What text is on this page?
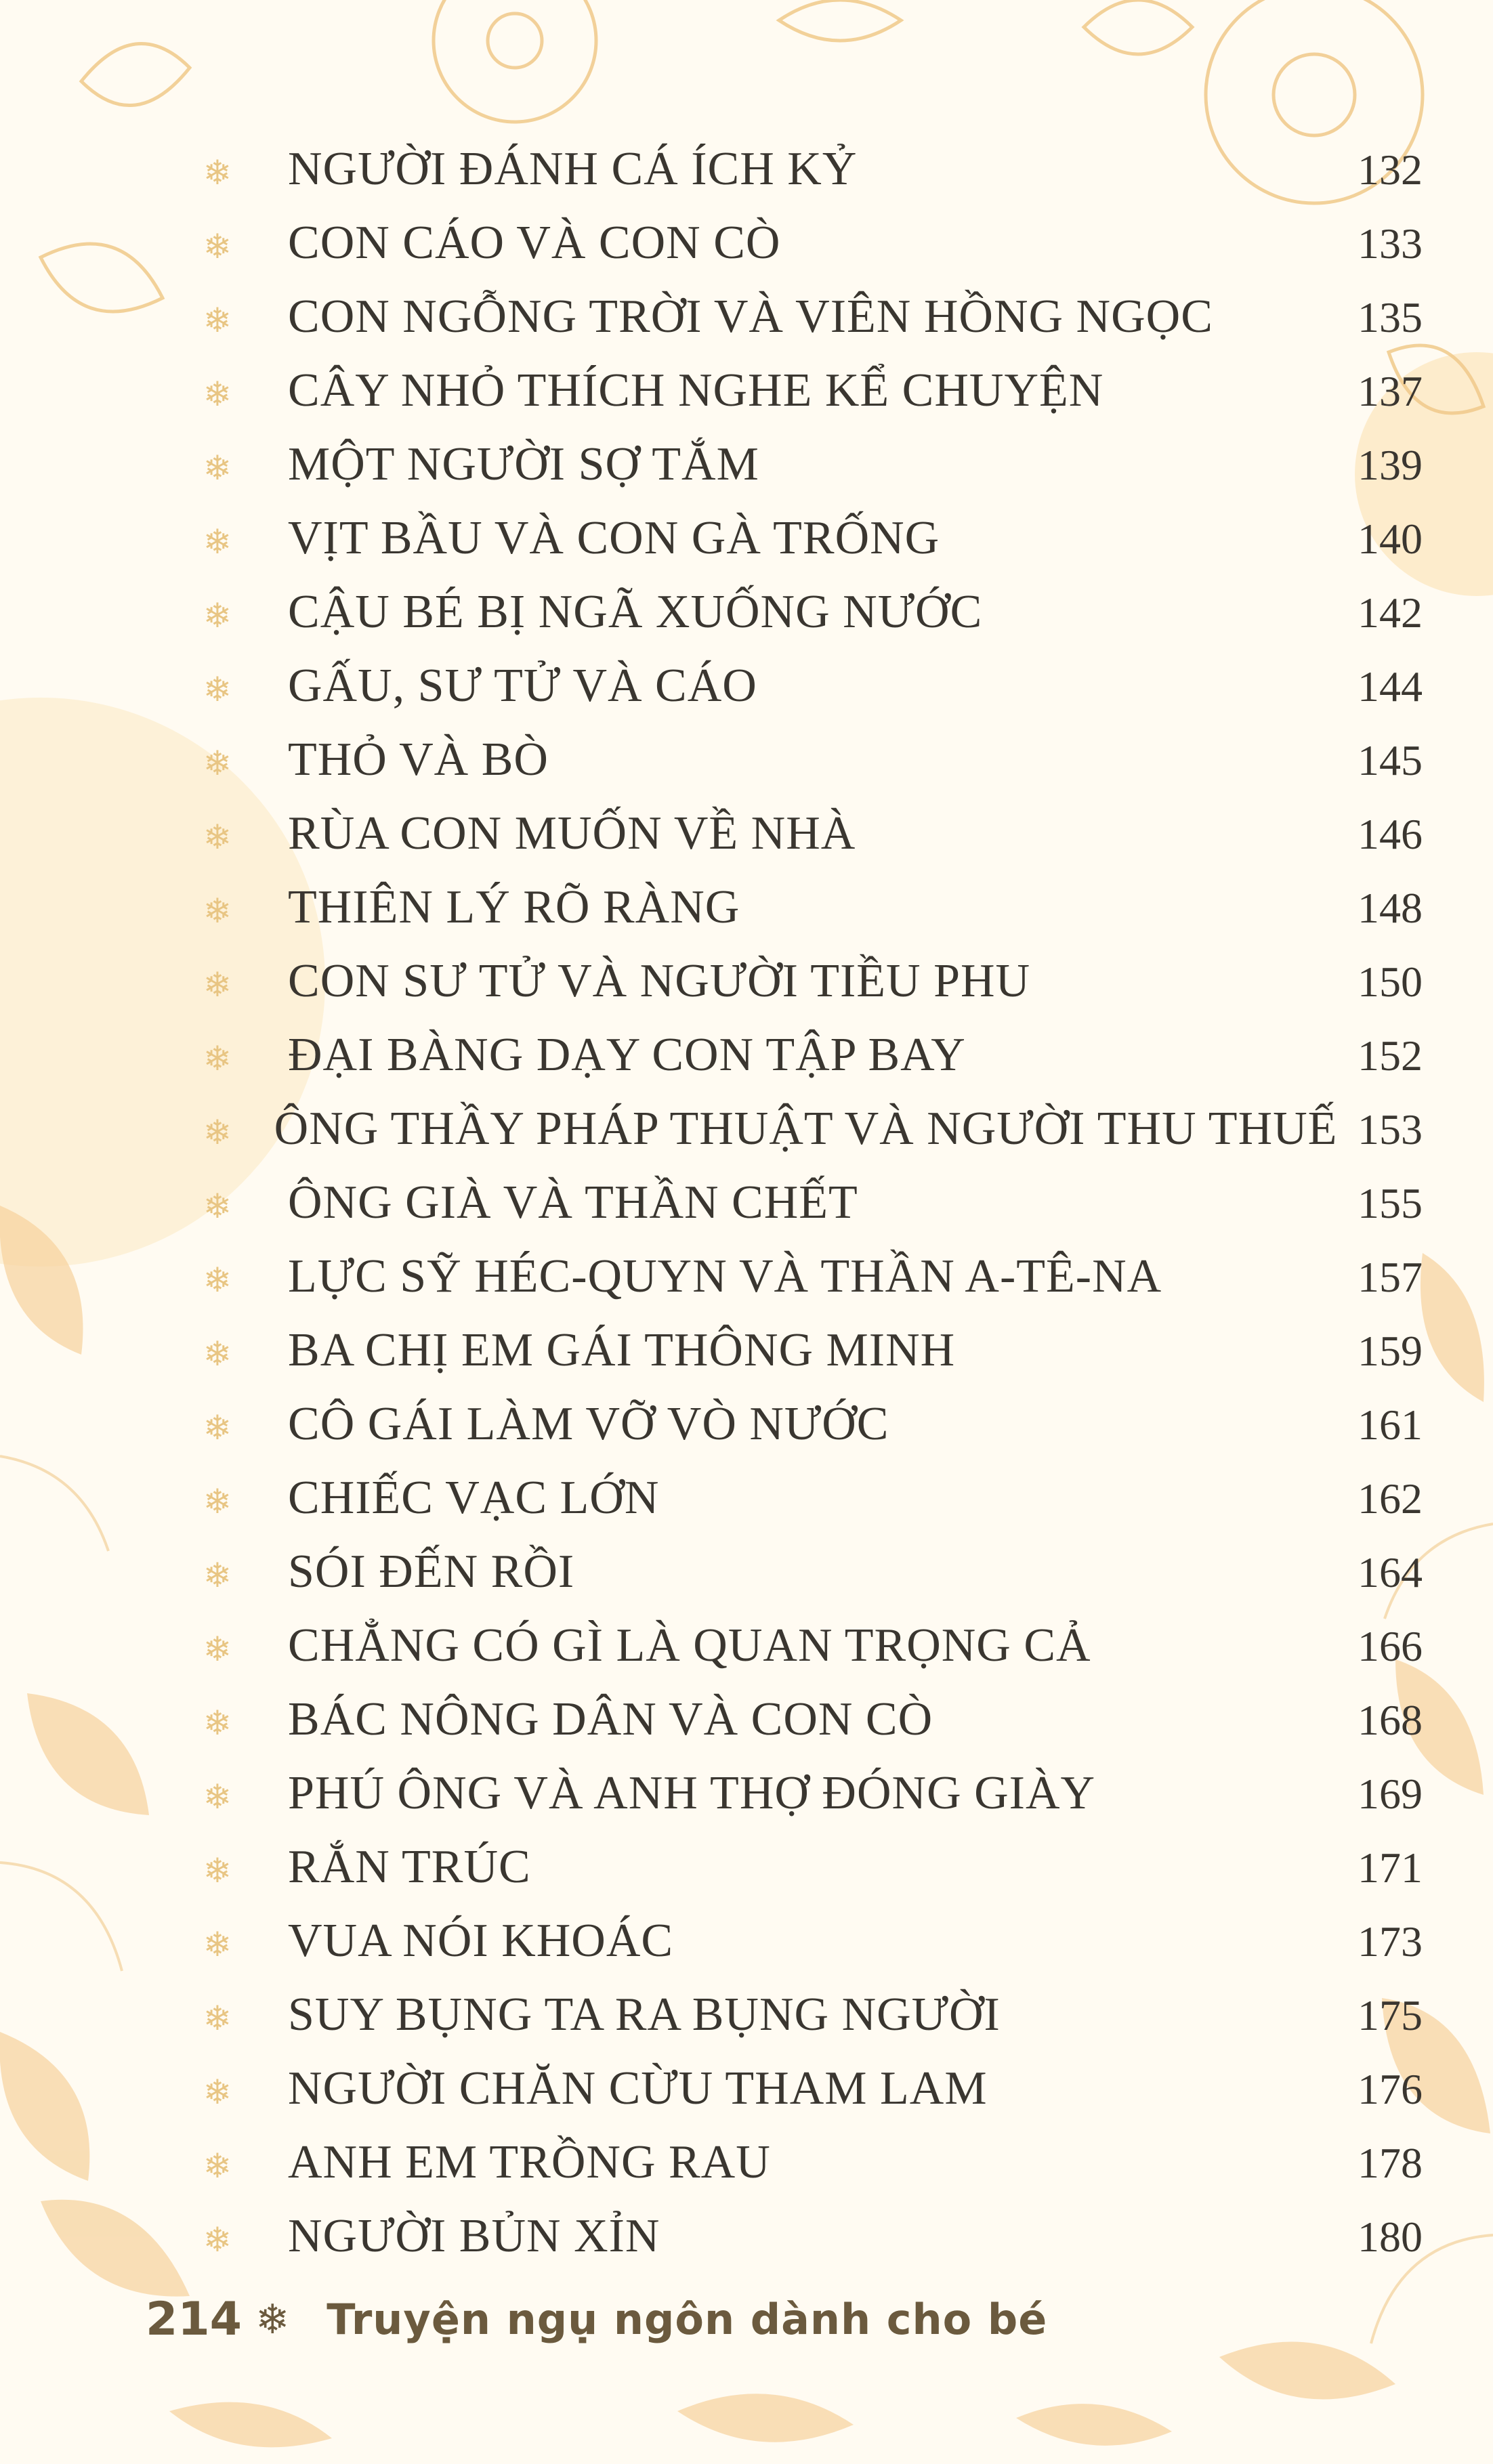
❄	NGƯỜI ĐÁNH CÁ ÍCH KỶ	132
❄	CON CÁO VÀ CON CÒ	133
❄	CON NGỖNG TRỜI VÀ VIÊN HỒNG NGỌC	135
❄	CÂY NHỎ THÍCH NGHE KỂ CHUYỆN	137
❄	MỘT NGƯỜI SỢ TẮM	139
❄	VỊT BẦU VÀ CON GÀ TRỐNG	140
❄	CẬU BÉ BỊ NGÃ XUỐNG NƯỚC	142
❄	GẤU, SƯ TỬ VÀ CÁO	144
❄	THỎ VÀ BÒ	145
❄	RÙA CON MUỐN VỀ NHÀ	146
❄	THIÊN LÝ RÕ RÀNG	148
❄	CON SƯ TỬ VÀ NGƯỜI TIỀU PHU	150
❄	ĐẠI BÀNG DẠY CON TẬP BAY	152
❄ ÔNG THẦY PHÁP THUẬT VÀ NGƯỜI THU THUẾ 153
❄	ÔNG GIÀ VÀ THẦN CHẾT	155
❄	LỰC SỸ HÉC-QUYN VÀ THẦN A-TÊ-NA	157
❄	BA CHỊ EM GÁI THÔNG MINH	159
❄	CÔ GÁI LÀM VỠ VÒ NƯỚC	161
❄	CHIẾC VẠC LỚN	162
❄	SÓI ĐẾN RỒI	164
❄	CHẲNG CÓ GÌ LÀ QUAN TRỌNG CẢ	166
❄	BÁC NÔNG DÂN VÀ CON CÒ	168
❄	PHÚ ÔNG VÀ ANH THỢ ĐÓNG GIÀY	169
❄	RẮN TRÚC	171
❄	VUA NÓI KHOÁC	173
❄	SUY BỤNG TA RA BỤNG NGƯỜI	175
❄	NGƯỜI CHĂN CỪU THAM LAM	176
❄	ANH EM TRỒNG RAU	178
❄	NGƯỜI BỦN XỈN	180
214 ❄ Truyện ngụ ngôn dành cho bé
